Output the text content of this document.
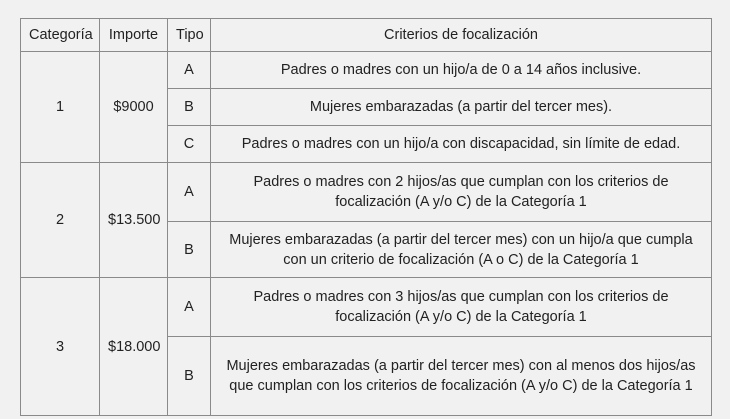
Categoría	Importe	Tipo	Criterios de focalización
1	$9000	A	Padres o madres con un hijo/a de 0 a 14 años inclusive.
		B	Mujeres embarazadas (a partir del tercer mes).
		C	Padres o madres con un hijo/a con discapacidad, sin límite de edad.
2	$13.500	A	Padres o madres con 2 hijos/as que cumplan con los criterios de focalización (A y/o C) de la Categoría 1
		B	Mujeres embarazadas (a partir del tercer mes) con un hijo/a que cumpla con un criterio de focalización (A o C) de la Categoría 1
3	$18.000	A	Padres o madres con 3 hijos/as que cumplan con los criterios de focalización (A y/o C) de la Categoría 1
		B	Mujeres embarazadas (a partir del tercer mes) con al menos dos hijos/as que cumplan con los criterios de focalización (A y/o C) de la Categoría 1
